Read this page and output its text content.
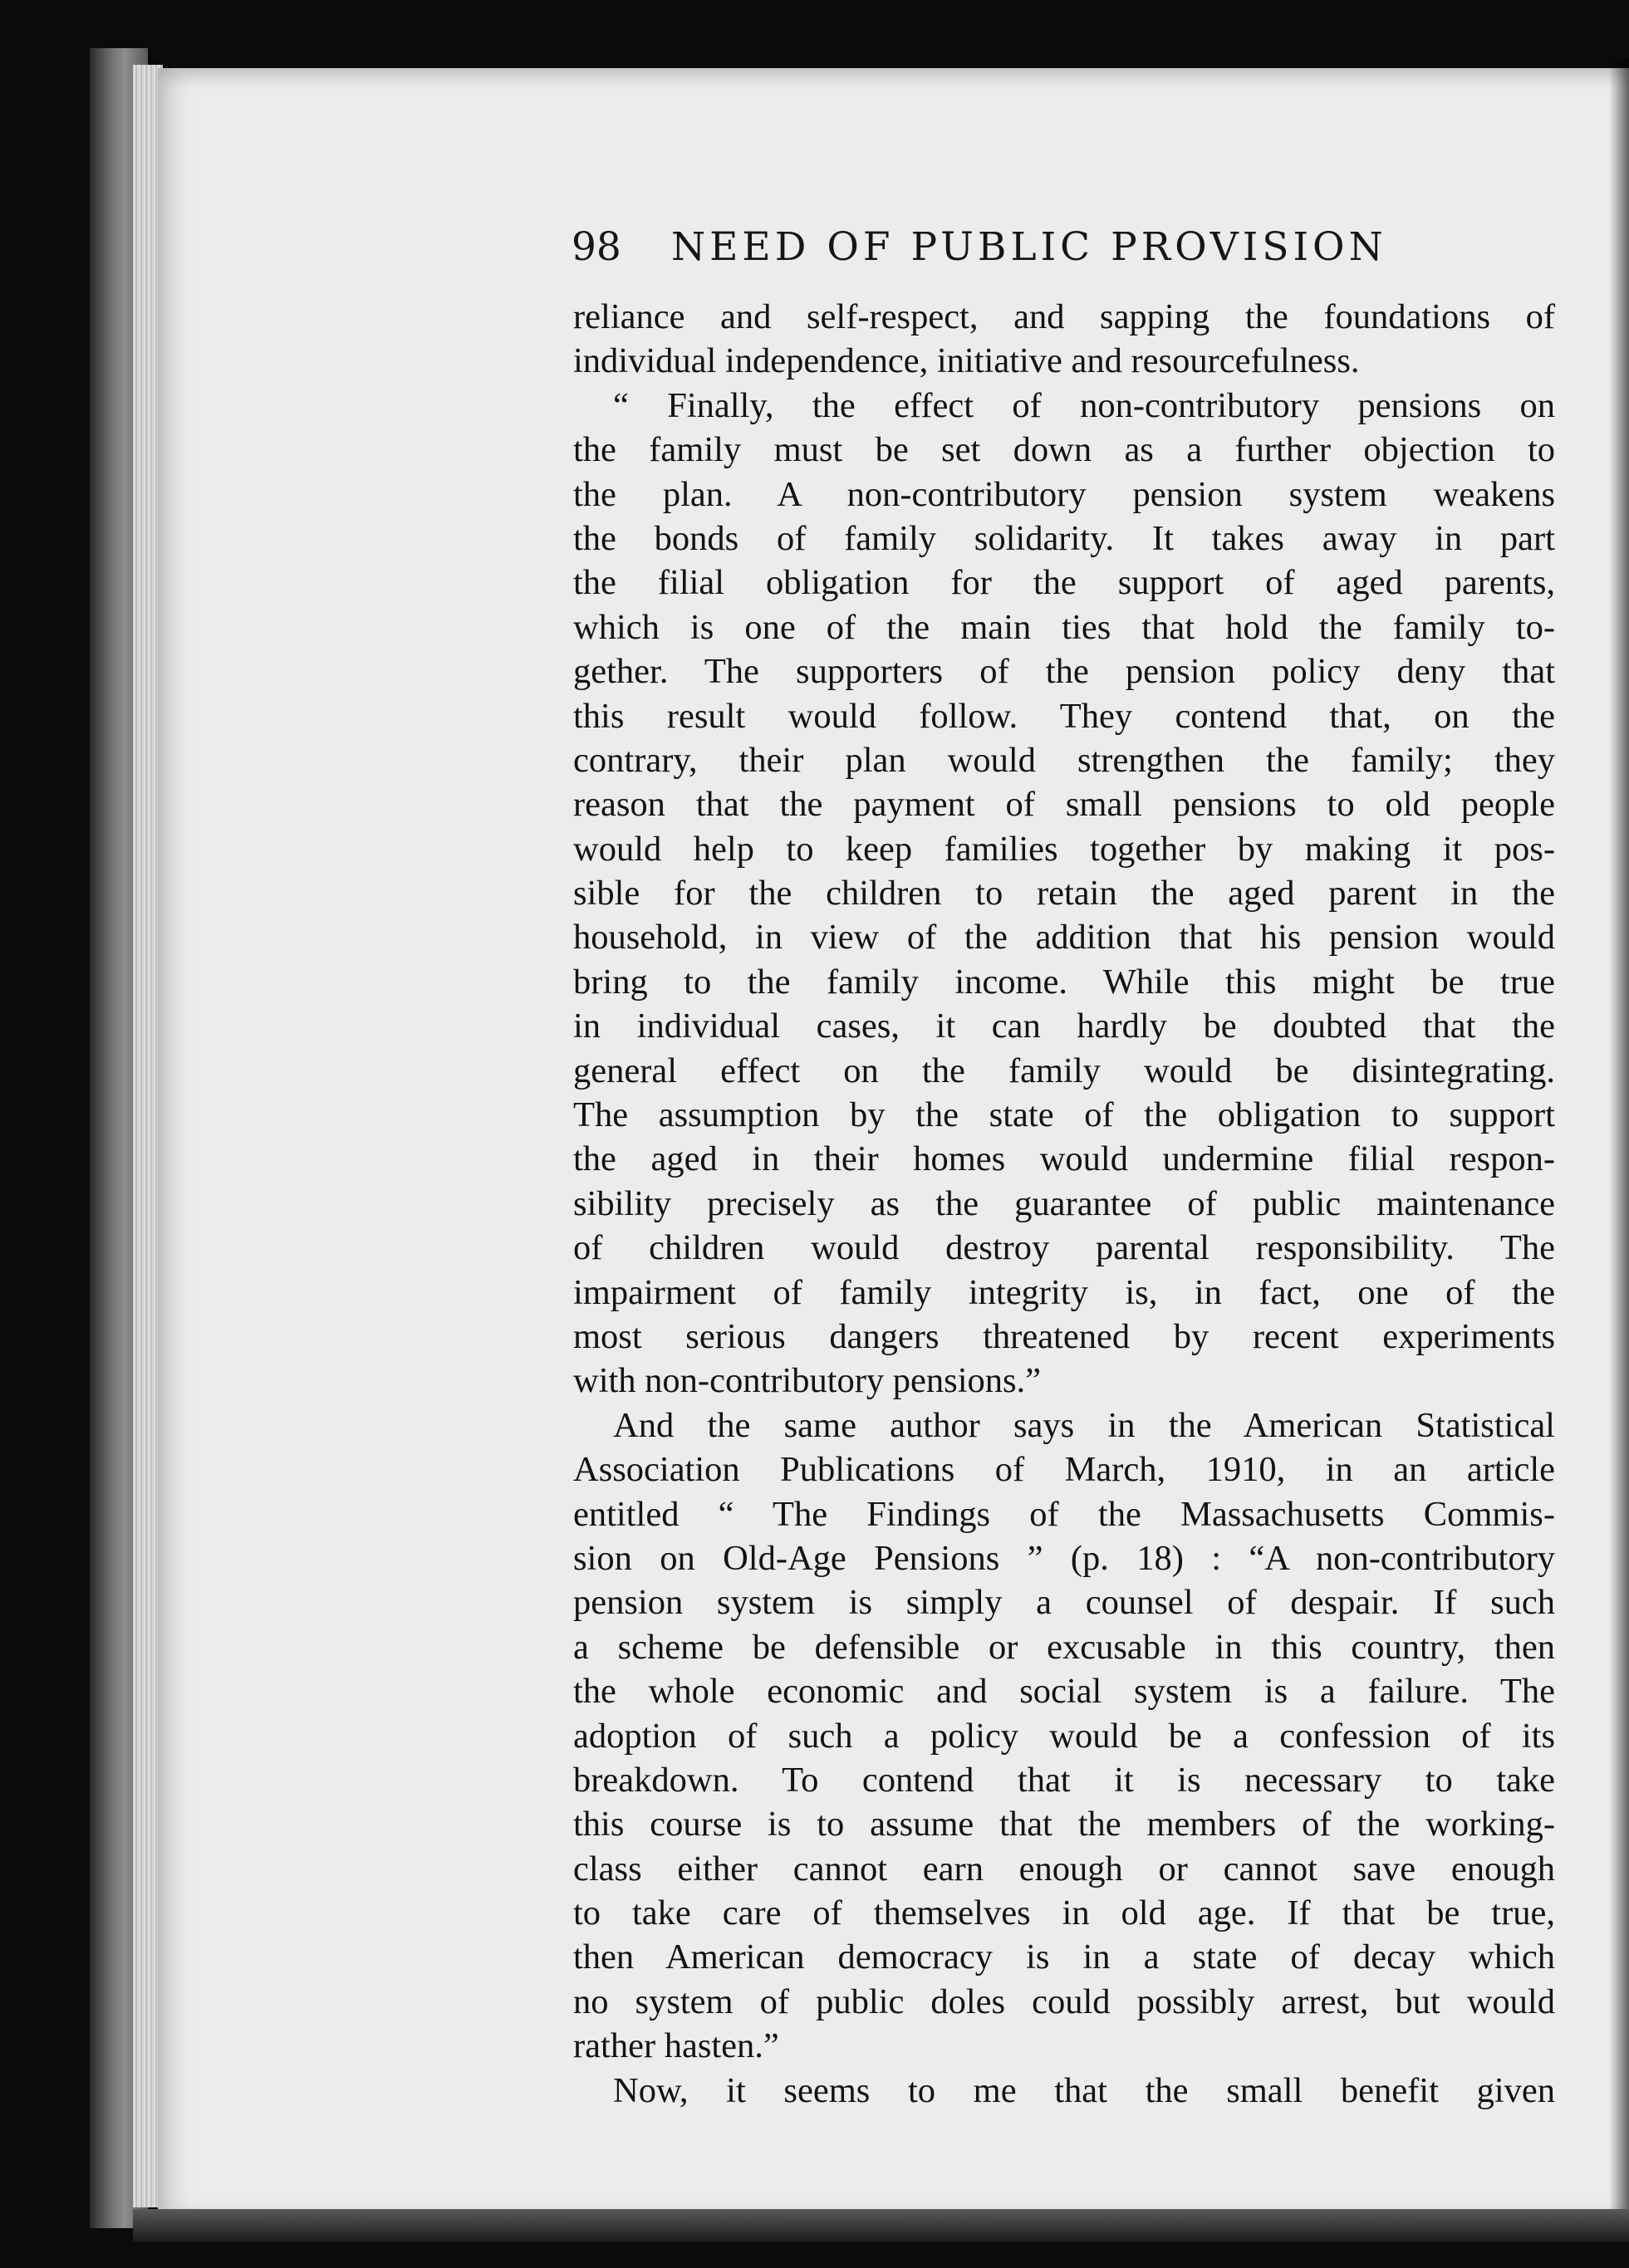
98 NEED OF PUBLIC PROVISION
reliance and self-respect, and sapping the foundations of
individual independence, initiative and resourcefulness.
“ Finally, the effect of non-contributory pensions on
the family must be set down as a further objection to
the plan. A non-contributory pension system weakens
the bonds of family solidarity. It takes away in part
the filial obligation for the support of aged parents,
which is one of the main ties that hold the family to-
gether. The supporters of the pension policy deny that
this result would follow. They contend that, on the
contrary, their plan would strengthen the family; they
reason that the payment of small pensions to old people
would help to keep families together by making it pos-
sible for the children to retain the aged parent in the
household, in view of the addition that his pension would
bring to the family income. While this might be true
in individual cases, it can hardly be doubted that the
general effect on the family would be disintegrating.
The assumption by the state of the obligation to support
the aged in their homes would undermine filial respon-
sibility precisely as the guarantee of public maintenance
of children would destroy parental responsibility. The
impairment of family integrity is, in fact, one of the
most serious dangers threatened by recent experiments
with non-contributory pensions.”
And the same author says in the American Statistical
Association Publications of March, 1910, in an article
entitled “ The Findings of the Massachusetts Commis-
sion on Old-Age Pensions ” (p. 18) : “A non-contributory
pension system is simply a counsel of despair. If such
a scheme be defensible or excusable in this country, then
the whole economic and social system is a failure. The
adoption of such a policy would be a confession of its
breakdown. To contend that it is necessary to take
this course is to assume that the members of the working-
class either cannot earn enough or cannot save enough
to take care of themselves in old age. If that be true,
then American democracy is in a state of decay which
no system of public doles could possibly arrest, but would
rather hasten.”
Now, it seems to me that the small benefit given
